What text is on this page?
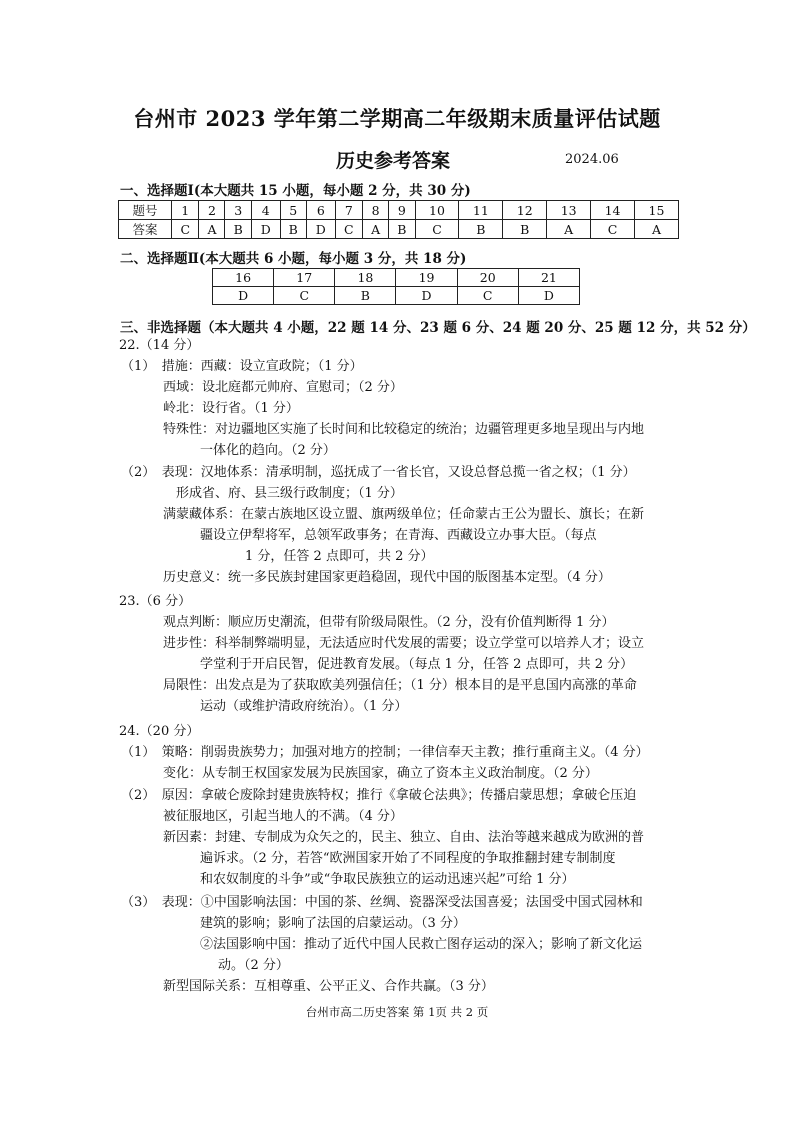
台州市 2023 学年第二学期高二年级期末质量评估试题
历史参考答案	2024.06
一、选择题Ⅰ(本大题共 15 小题，每小题 2 分，共 30 分)
题号	1	2	3	4	5	6	7	8	9	10	11	12	13	14	15
答案	C	A	B	D	B	D	C	A	B	C	B	B	A	C	A
二、选择题Ⅱ(本大题共 6 小题，每小题 3 分，共 18 分)
16	17	18	19	20	21
D	C	B	D	C	D
三、非选择题（本大题共 4 小题，22 题 14 分、23 题 6 分、24 题 20 分、25 题 12 分，共 52 分）
22.（14 分）
（1）　措施：西藏：设立宣政院；（1 分）
西域：设北庭都元帅府、宣慰司；（2 分）
岭北：设行省。（1 分）
特殊性：对边疆地区实施了长时间和比较稳定的统治；边疆管理更多地呈现出与内地
一体化的趋向。（2 分）
（2）　表现：汉地体系：清承明制，巡抚成了一省长官，又设总督总揽一省之权；（1 分）
形成省、府、县三级行政制度；（1 分）
满蒙藏体系：在蒙古族地区设立盟、旗两级单位；任命蒙古王公为盟长、旗长；在新
疆设立伊犁将军，总领军政事务；在青海、西藏设立办事大臣。（每点
1 分，任答 2 点即可，共 2 分）
历史意义：统一多民族封建国家更趋稳固，现代中国的版图基本定型。（4 分）
23.（6 分）
观点判断：顺应历史潮流，但带有阶级局限性。（2 分，没有价值判断得 1 分）
进步性：科举制弊端明显，无法适应时代发展的需要；设立学堂可以培养人才；设立
学堂利于开启民智，促进教育发展。（每点 1 分，任答 2 点即可，共 2 分）
局限性：出发点是为了获取欧美列强信任；（1 分）根本目的是平息国内高涨的革命
运动（或维护清政府统治）。（1 分）
24.（20 分）
（1）　策略：削弱贵族势力；加强对地方的控制；一律信奉天主教；推行重商主义。（4 分）
变化：从专制王权国家发展为民族国家，确立了资本主义政治制度。（2 分）
（2）　原因：拿破仑废除封建贵族特权；推行《拿破仑法典》；传播启蒙思想；拿破仑压迫
被征服地区，引起当地人的不满。（4 分）
新因素：封建、专制成为众矢之的，民主、独立、自由、法治等越来越成为欧洲的普
遍诉求。（2 分，若答“欧洲国家开始了不同程度的争取推翻封建专制制度
和农奴制度的斗争”或“争取民族独立的运动迅速兴起”可给 1 分）
（3）　表现：①中国影响法国：中国的茶、丝绸、瓷器深受法国喜爱；法国受中国式园林和
建筑的影响；影响了法国的启蒙运动。（3 分）
②法国影响中国：推动了近代中国人民救亡图存运动的深入；影响了新文化运
动。（2 分）
新型国际关系：互相尊重、公平正义、合作共赢。（3 分）
台州市高二历史答案 第 1页 共 2 页
